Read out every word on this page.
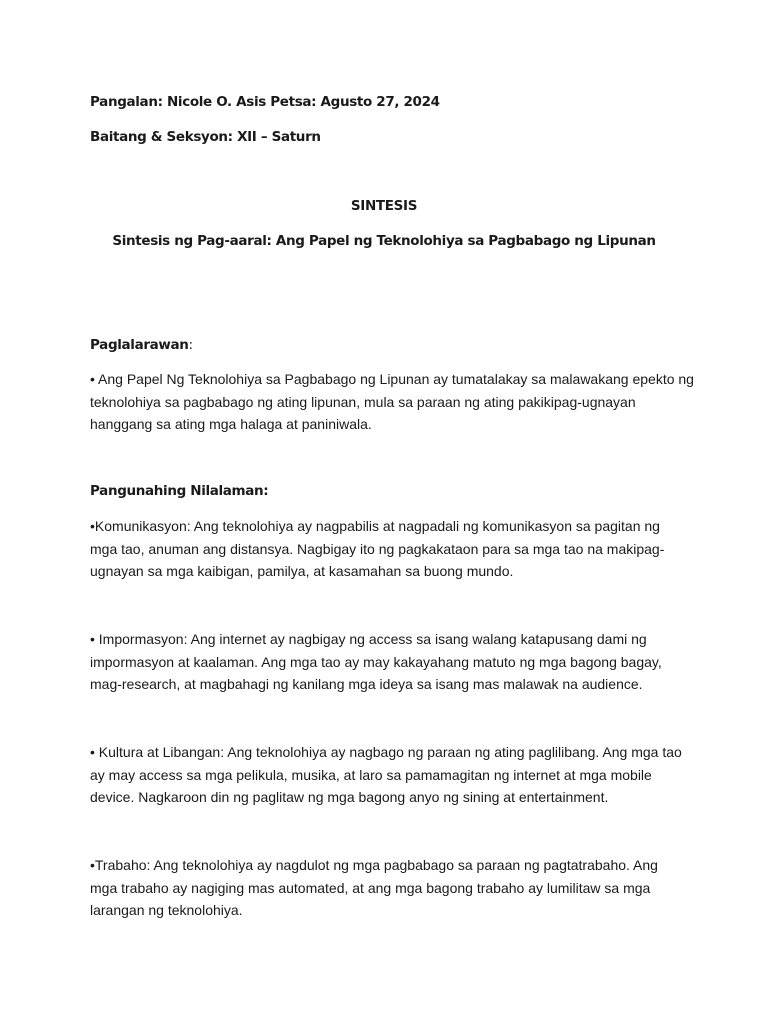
Pangalan: Nicole O. Asis Petsa: Agusto 27, 2024

Baitang & Seksyon: XII – Saturn

SINTESIS

Sintesis ng Pag-aaral: Ang Papel ng Teknolohiya sa Pagbabago ng Lipunan

Paglalarawan:

• Ang Papel Ng Teknolohiya sa Pagbabago ng Lipunan ay tumatalakay sa malawakang epekto ng
teknolohiya sa pagbabago ng ating lipunan, mula sa paraan ng ating pakikipag-ugnayan
hanggang sa ating mga halaga at paniniwala.

Pangunahing Nilalaman:

•Komunikasyon: Ang teknolohiya ay nagpabilis at nagpadali ng komunikasyon sa pagitan ng
mga tao, anuman ang distansya. Nagbigay ito ng pagkakataon para sa mga tao na makipag-
ugnayan sa mga kaibigan, pamilya, at kasamahan sa buong mundo.
• Impormasyon: Ang internet ay nagbigay ng access sa isang walang katapusang dami ng
impormasyon at kaalaman. Ang mga tao ay may kakayahang matuto ng mga bagong bagay,
mag-research, at magbahagi ng kanilang mga ideya sa isang mas malawak na audience.
• Kultura at Libangan: Ang teknolohiya ay nagbago ng paraan ng ating paglilibang. Ang mga tao
ay may access sa mga pelikula, musika, at laro sa pamamagitan ng internet at mga mobile
device. Nagkaroon din ng paglitaw ng mga bagong anyo ng sining at entertainment.
•Trabaho: Ang teknolohiya ay nagdulot ng mga pagbabago sa paraan ng pagtatrabaho. Ang
mga trabaho ay nagiging mas automated, at ang mga bagong trabaho ay lumilitaw sa mga
larangan ng teknolohiya.
